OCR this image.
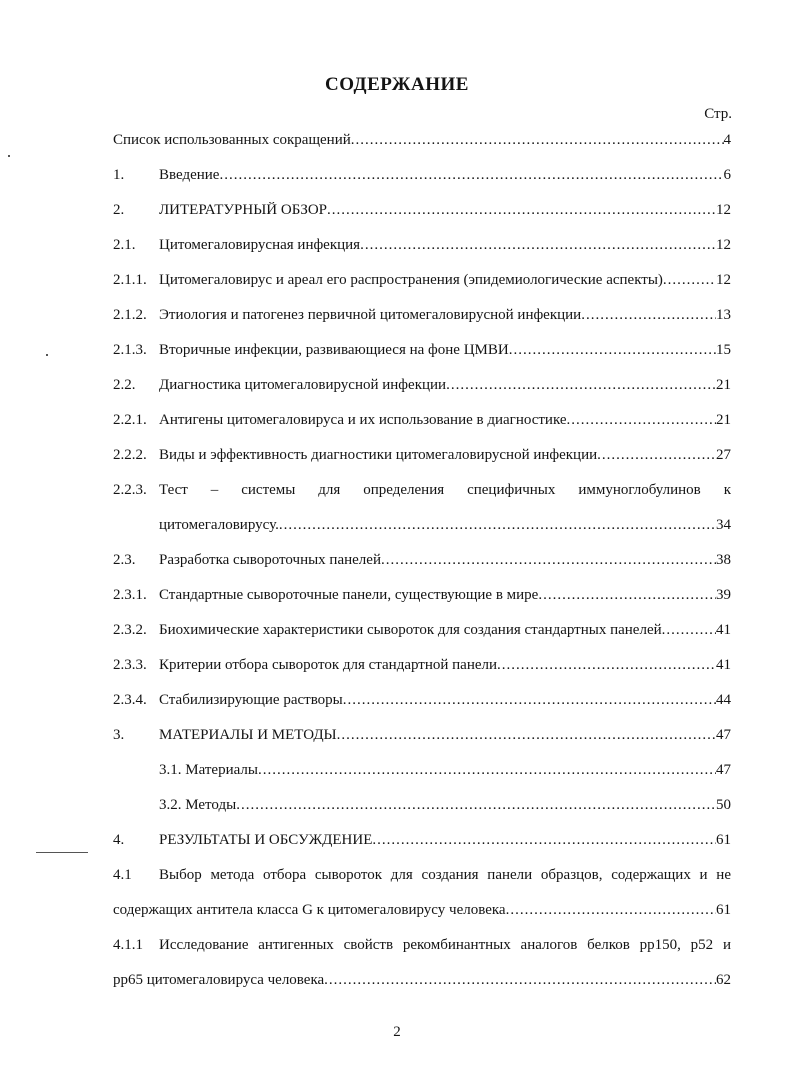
СОДЕРЖАНИЕ
Стр.
Список использованных сокращений .....	4
1. Введение .....	6
2. ЛИТЕРАТУРНЫЙ ОБЗОР .....	12
2.1. Цитомегаловирусная инфекция .....	12
2.1.1. Цитомегаловирус и ареал его распространения (эпидемиологические аспекты) .....	12
2.1.2. Этиология и патогенез первичной цитомегаловирусной инфекции .....	13
2.1.3. Вторичные инфекции, развивающиеся на фоне ЦМВИ .....	15
2.2. Диагностика цитомегаловирусной инфекции .....	21
2.2.1. Антигены цитомегаловируса и их использование в диагностике .....	21
2.2.2. Виды и эффективность диагностики цитомегаловирусной инфекции .....	27
2.2.3. Тест – системы для определения специфичных иммуноглобулинов к
цитомегаловирусу. .....	34
2.3. Разработка сывороточных панелей .....	38
2.3.1. Стандартные сывороточные панели, существующие в мире .....	39
2.3.2. Биохимические характеристики сывороток для создания стандартных панелей .....	41
2.3.3. Критерии отбора сывороток для стандартной панели .....	41
2.3.4. Стабилизирующие растворы .....	44
3. МАТЕРИАЛЫ И МЕТОДЫ .....	47
3.1. Материалы .....	47
3.2. Методы .....	50
4. РЕЗУЛЬТАТЫ И ОБСУЖДЕНИЕ .....	61
4.1 Выбор метода отбора сывороток для создания панели образцов, содержащих и не
содержащих антитела класса G к цитомегаловирусу человека .....	61
4.1.1 Исследование антигенных свойств рекомбинантных аналогов белков pp150, p52 и
pp65 цитомегаловируса человека .....	62
2
